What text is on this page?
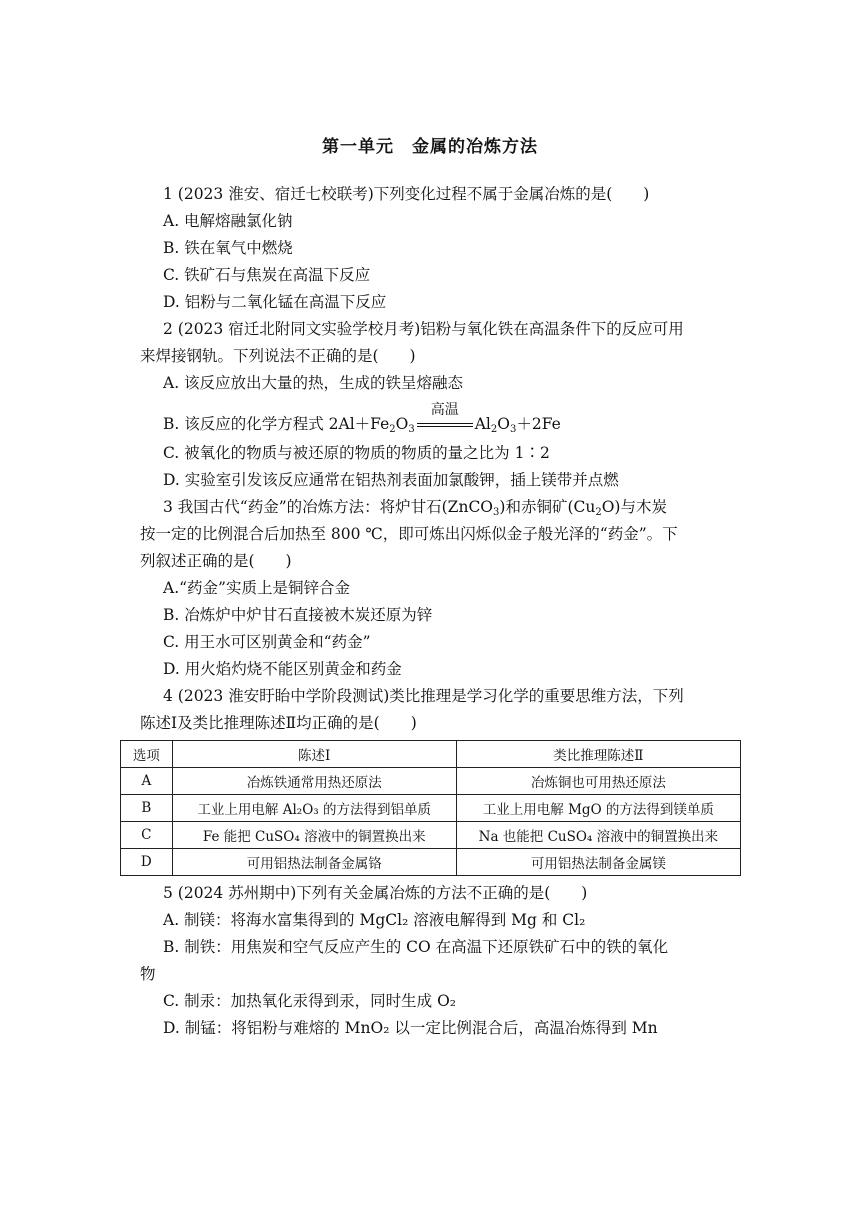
第一单元　金属的冶炼方法
1 (2023 淮安、宿迁七校联考)下列变化过程不属于金属冶炼的是(　　)
A. 电解熔融氯化钠
B. 铁在氧气中燃烧
C. 铁矿石与焦炭在高温下反应
D. 铝粉与二氧化锰在高温下反应
2 (2023 宿迁北附同文实验学校月考)铝粉与氧化铁在高温条件下的反应可用
来焊接钢轨。下列说法不正确的是(　　)
A. 该反应放出大量的热，生成的铁呈熔融态
B. 该反应的化学方程式 $2Al+Fe_2O_3$
高温
$Al_2O_3+2Fe$
C. 被氧化的物质与被还原的物质的物质的量之比为 1∶2
D. 实验室引发该反应通常在铝热剂表面加氯酸钾，插上镁带并点燃
3 我国古代“药金”的冶炼方法：将炉甘石(ZnCO$_3$)和赤铜矿$(Cu_2O)$与木炭
按一定的比例混合后加热至 800 ℃，即可炼出闪烁似金子般光泽的“药金”。下
列叙述正确的是(　　)
A.“药金”实质上是铜锌合金
B. 冶炼炉中炉甘石直接被木炭还原为锌
C. 用王水可区别黄金和“药金”
D. 用火焰灼烧不能区别黄金和药金
4 (2023 淮安盱眙中学阶段测试)类比推理是学习化学的重要思维方法，下列
陈述Ⅰ及类比推理陈述Ⅱ均正确的是(　　)
选项	陈述Ⅰ	类比推理陈述Ⅱ
A	冶炼铁通常用热还原法	冶炼铜也可用热还原法
B	工业上用电解 Al₂O₃ 的方法得到铝单质	工业上用电解 MgO 的方法得到镁单质
C	Fe 能把 CuSO₄ 溶液中的铜置换出来	Na 也能把 CuSO₄ 溶液中的铜置换出来
D	可用铝热法制备金属铬	可用铝热法制备金属镁
5 (2024 苏州期中)下列有关金属冶炼的方法不正确的是(　　)
A. 制镁：将海水富集得到的 MgCl₂ 溶液电解得到 Mg 和 Cl₂
B. 制铁：用焦炭和空气反应产生的 CO 在高温下还原铁矿石中的铁的氧化
物
C. 制汞：加热氧化汞得到汞，同时生成 O₂
D. 制锰：将铝粉与难熔的 MnO₂ 以一定比例混合后，高温冶炼得到 Mn
